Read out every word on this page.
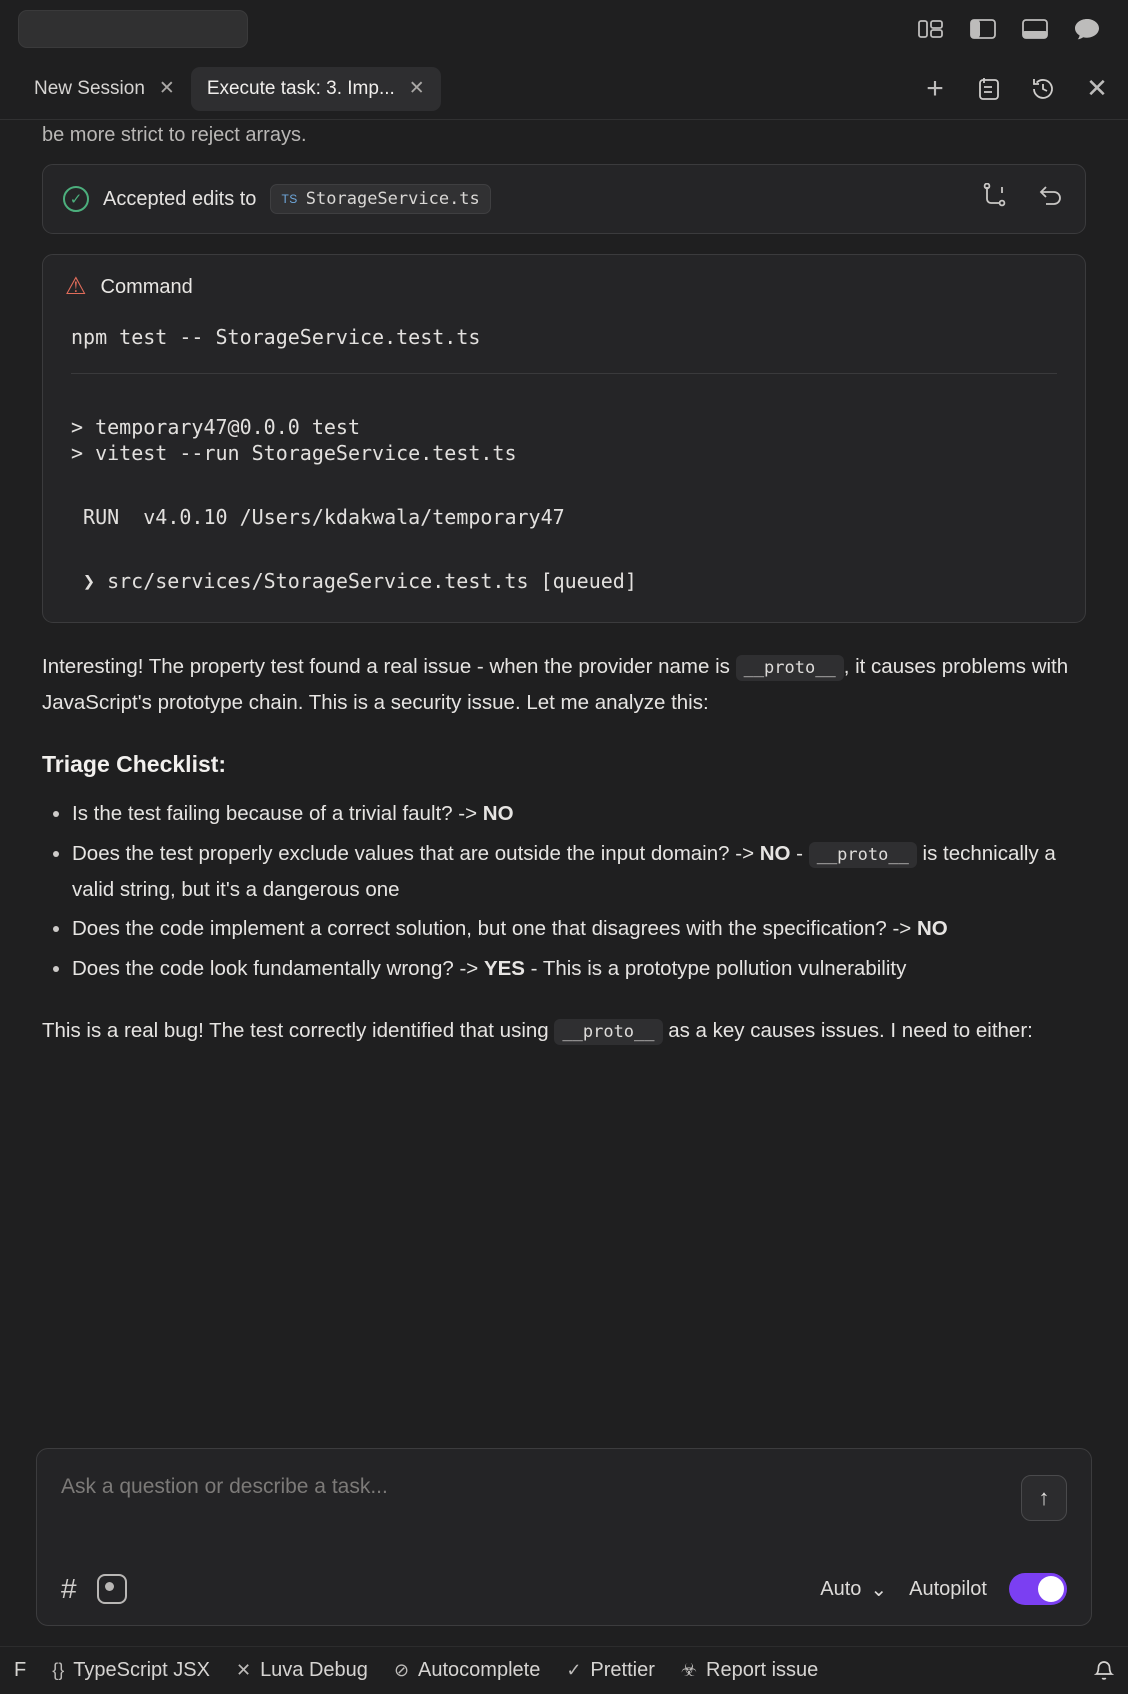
New Session ✕ Execute task: 3. Imp... ✕	+	✕
be more strict to reject arrays.
✓	Accepted edits to TS StorageService.ts
⚠ Command
npm test -- StorageService.test.ts
> temporary47@0.0.0 test
> vitest --run StorageService.test.ts
RUN  v4.0.10 /Users/kdakwala/temporary47
❯ src/services/StorageService.test.ts [queued]

Interesting! The property test found a real issue - when the provider name is __proto__ , it causes problems with JavaScript's prototype chain. This is a security issue. Let me analyze this:

Triage Checklist:
• Is the test failing because of a trivial fault? -> NO
• Does the test properly exclude values that are outside the input domain? -> NO - __proto__ is technically a valid string, but it's a dangerous one
• Does the code implement a correct solution, but one that disagrees with the specification? -> NO
• Does the code look fundamentally wrong? -> YES - This is a prototype pollution vulnerability

This is a real bug! The test correctly identified that using __proto__ as a key causes issues. I need to either:

Ask a question or describe a task...	↑
#	Auto ⌄ Autopilot
F {} TypeScript JSX ✕ Luva Debug ⊘ Autocomplete ✓ Prettier ☣ Report issue
